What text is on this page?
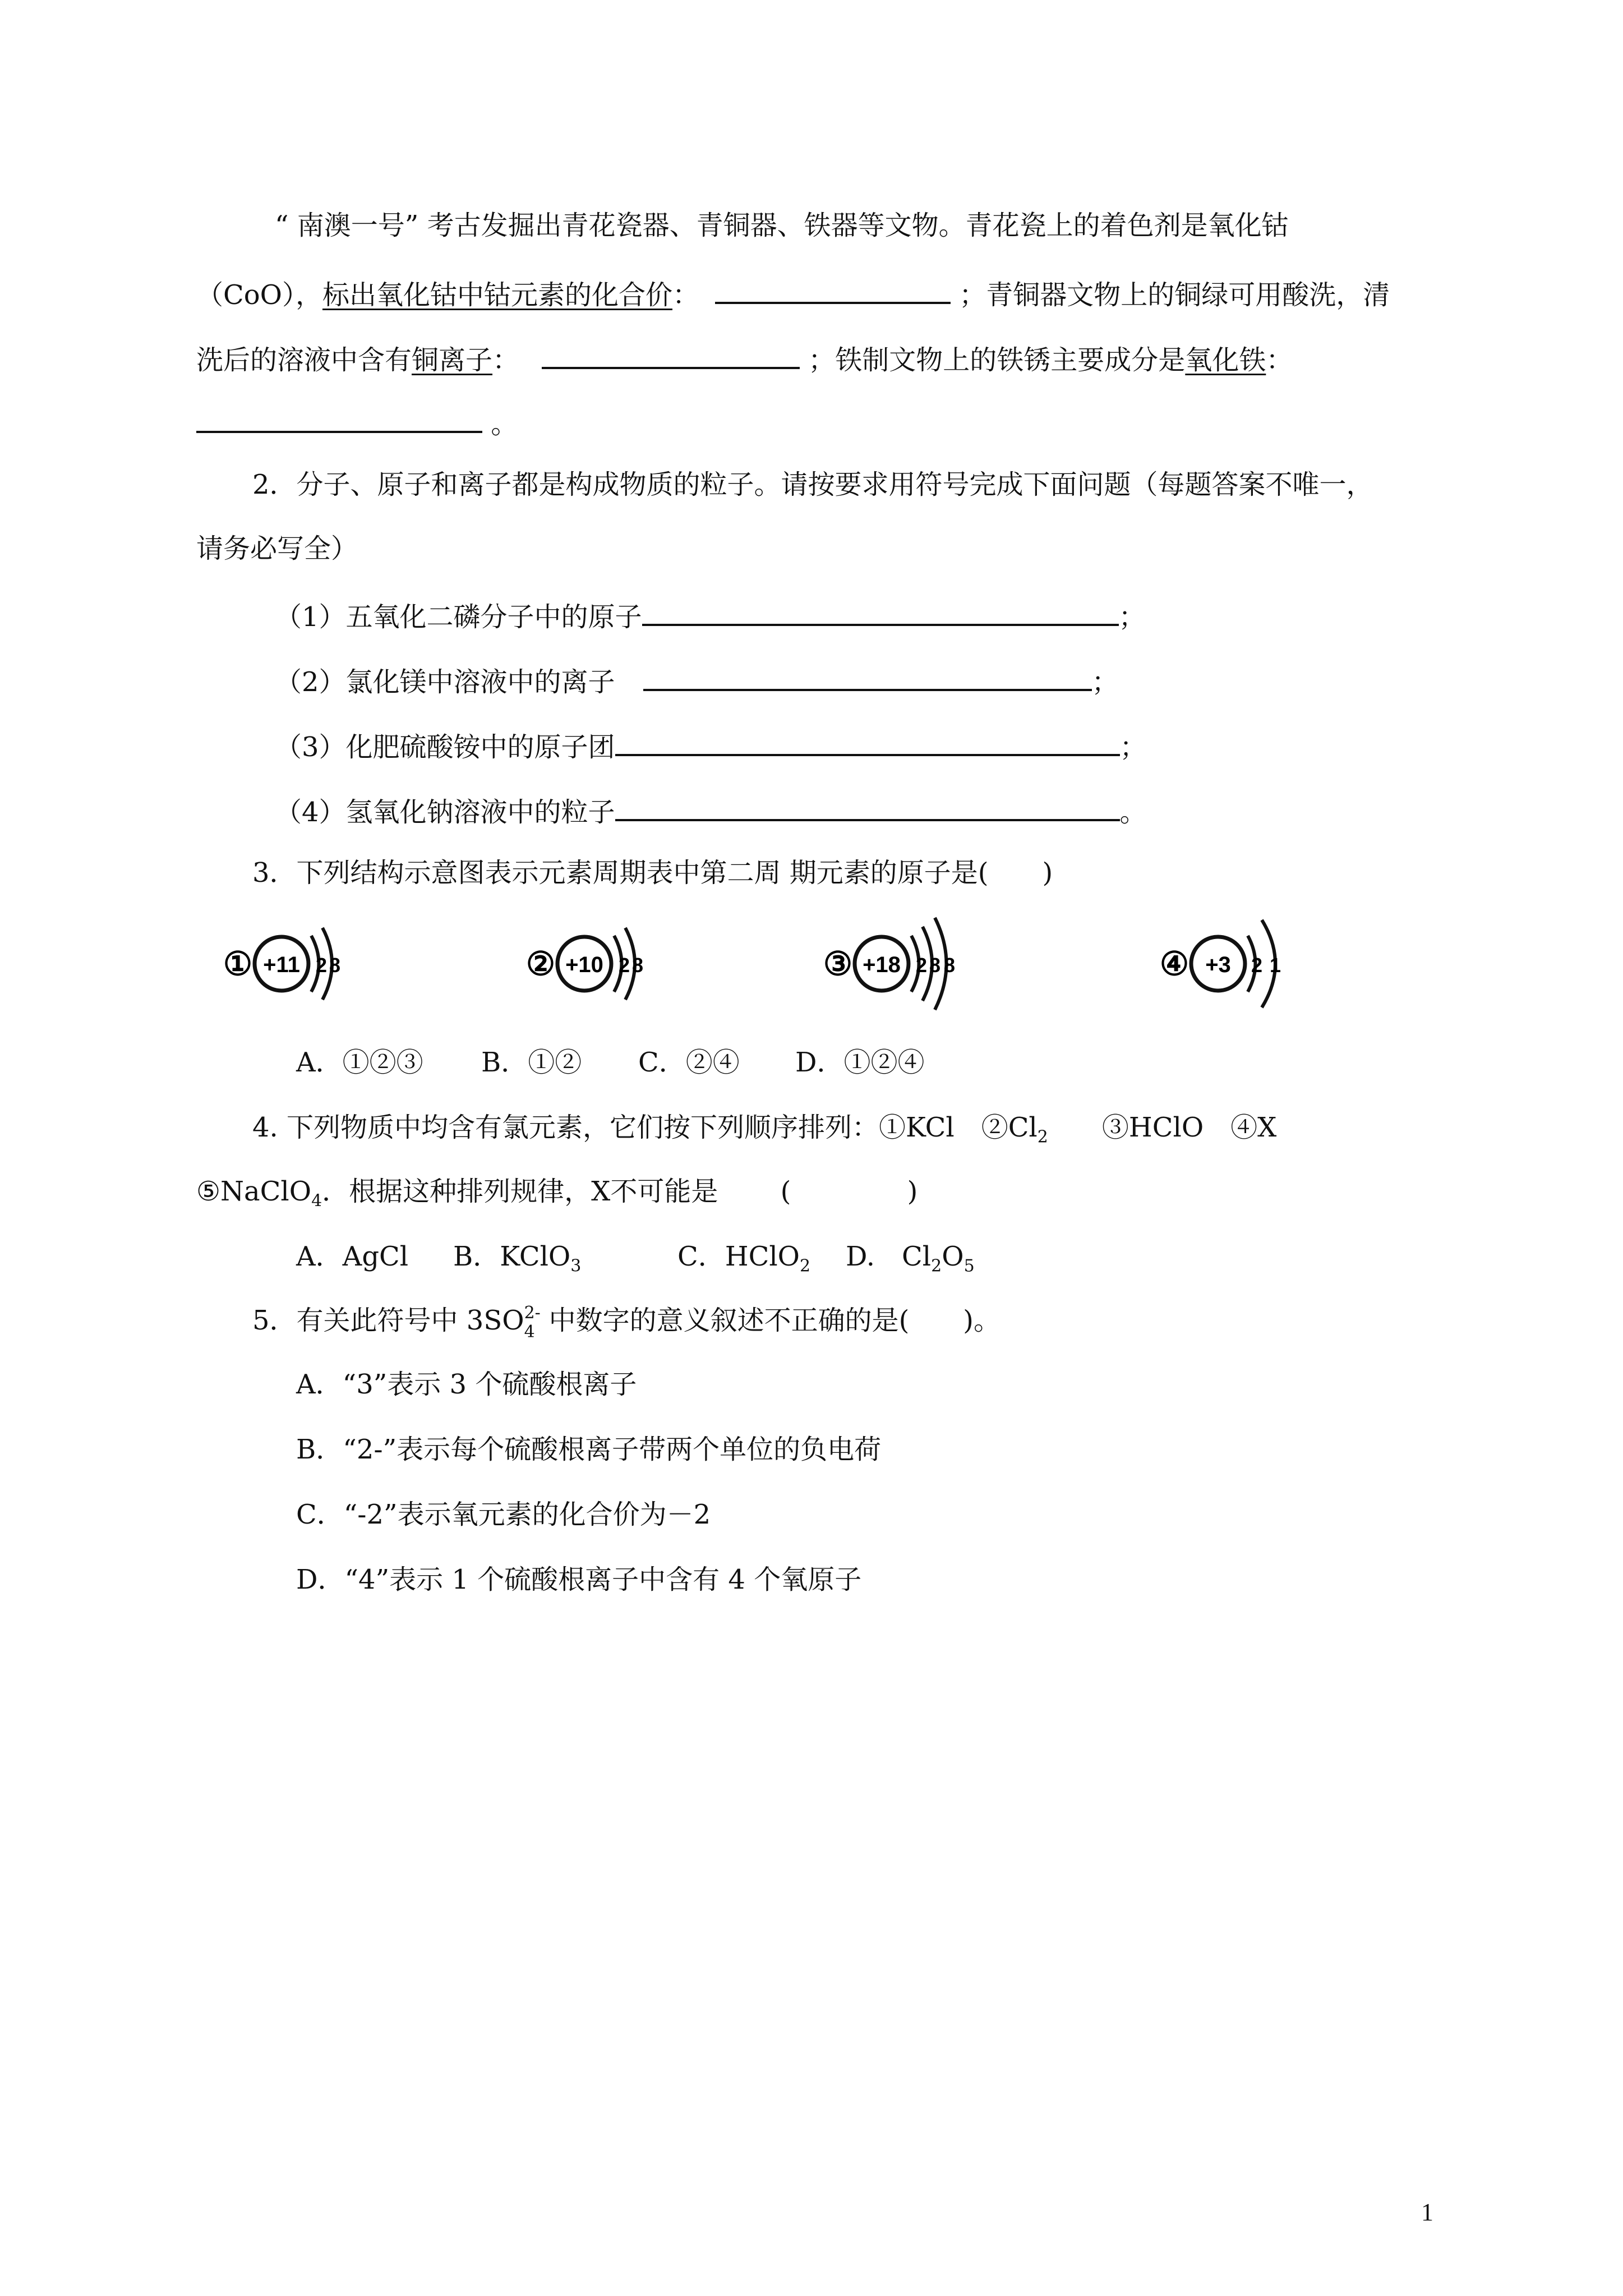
“ 南澳一号” 考古发掘出青花瓷器、青铜器、铁器等文物。青花瓷上的着色剂是氧化钴
（CoO），标出氧化钴中钴元素的化合价：	；青铜器文物上的铜绿可用酸洗，清
洗后的溶液中含有铜离子：	；铁制文物上的铁锈主要成分是氧化铁：
。
2．分子、原子和离子都是构成物质的粒子。请按要求用符号完成下面问题（每题答案不唯一，
请务必写全）
（1）五氧化二磷分子中的原子	；
（2）氯化镁中溶液中的离子	；
（3）化肥硫酸铵中的原子团	；
（4）氢氧化钠溶液中的粒子	。
3．下列结构示意图表示元素周期表中第二周 期元素的原子是(　　)
① +11 2 8	② +10 2 8	③ +18 2 8 8	④ +3 2 1
A．①②③ B．①② C．②④ D．①②④
4. 下列物质中均含有氯元素，它们按下列顺序排列：①KCl　$②Cl_2$　　③HClO　④X
⑤NaClO$_4$．根据这种排列规律，X不可能是　　 (　　　　 )
A．AgCl B．KClO$_3$	C．HClO$_2$ D.　$Cl_2O_5$
5．有关此符号中 3SO 2-
4 中数字的意义叙述不正确的是(　　)。
A．“3”表示 3 个硫酸根离子
B．“2-”表示每个硫酸根离子带两个单位的负电荷
C．“-2”表示氧元素的化合价为－2
D．“4”表示 1 个硫酸根离子中含有 4 个氧原子
1
